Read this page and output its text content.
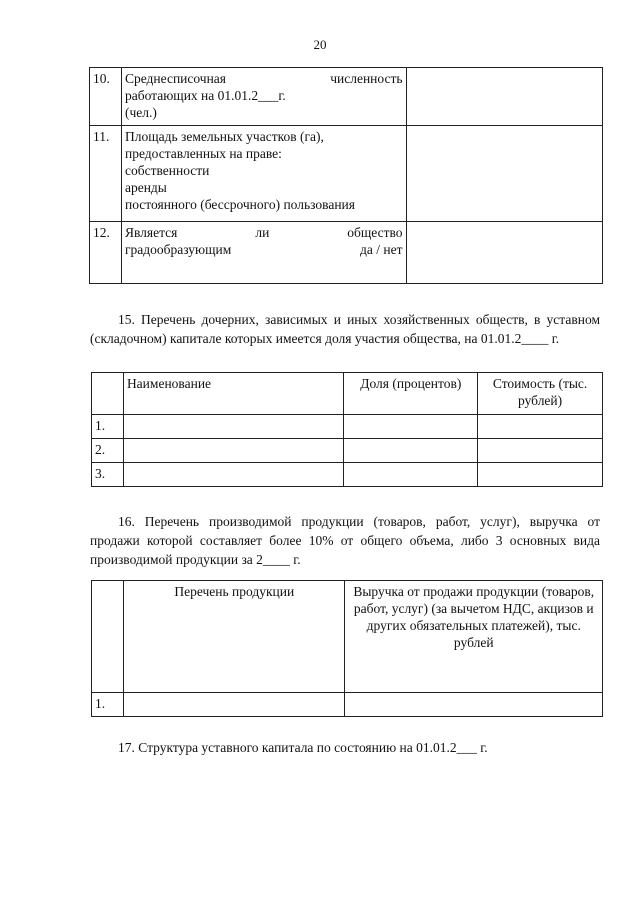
20
10.	Среднесписочная численность
работающих на 01.01.2___г.
(чел.)	

11.	Площадь земельных участков (га),
предоставленных на праве:
собственности
аренды
постоянного (бессрочного) пользования	

12.	Является ли общество
градообразующим да / нет	

15. Перечень дочерних, зависимых и иных хозяйственных обществ, в уставном (складочном) капитале которых имеется доля участия общества, на 01.01.2____ г.
	Наименование	Доля (процентов)	Стоимость (тыс. рублей)
1.			
2.			
3.			
16. Перечень производимой продукции (товаров, работ, услуг), выручка от продажи которой составляет более 10% от общего объема, либо 3 основных вида производимой продукции за 2____ г.
	Перечень продукции	Выручка от продажи продукции (товаров, работ, услуг) (за вычетом НДС, акцизов и других обязательных платежей), тыс. рублей
1.		
17. Структура уставного капитала по состоянию на 01.01.2___ г.
